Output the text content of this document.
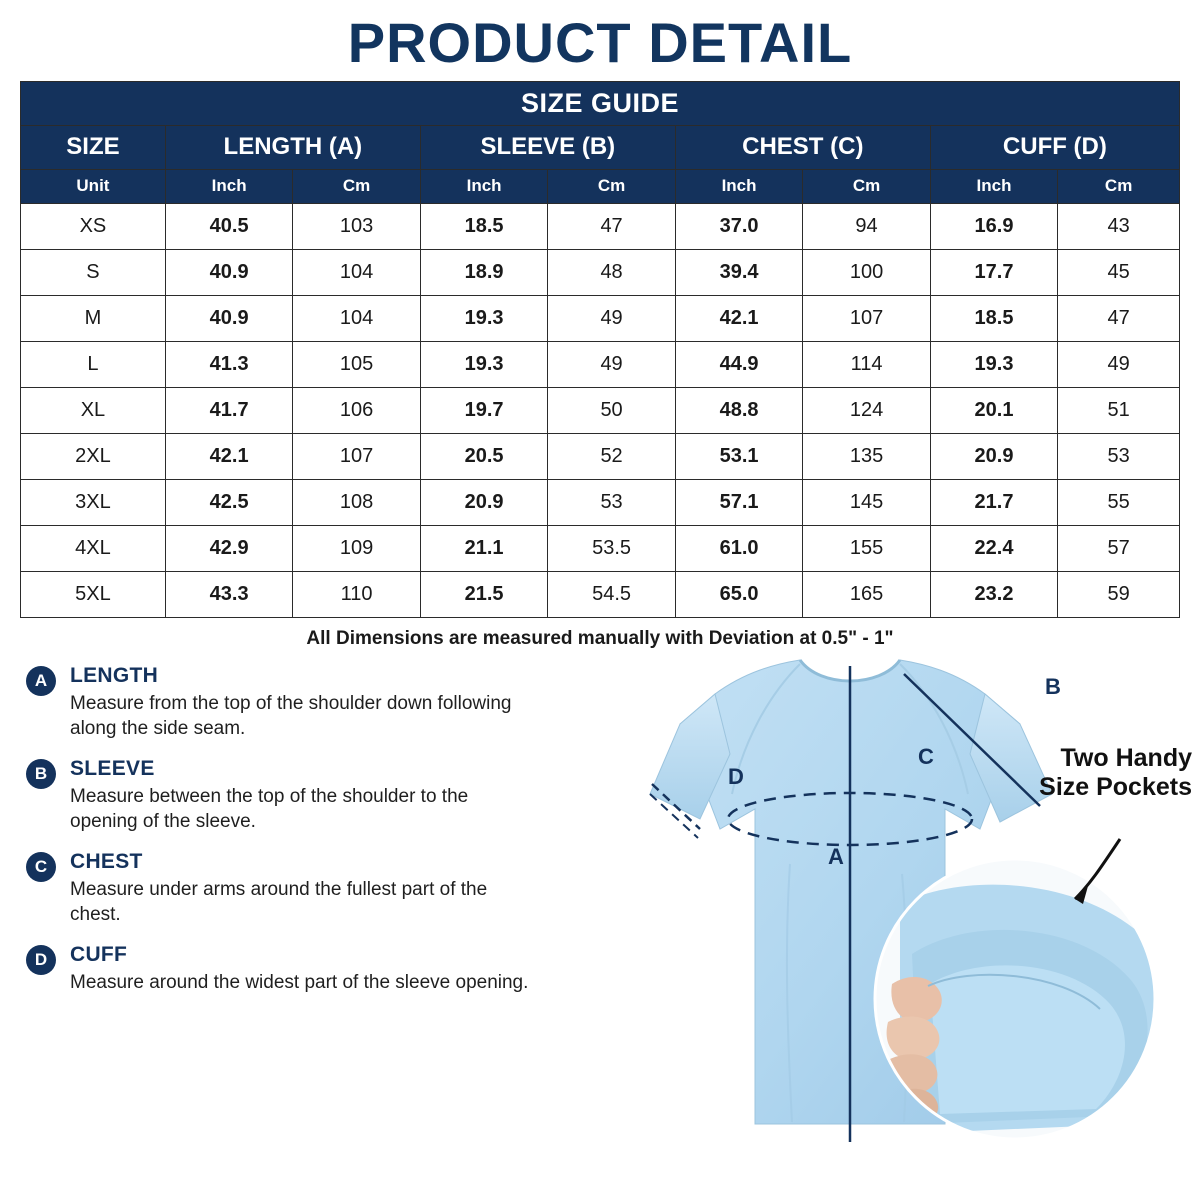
PRODUCT DETAIL
SIZE GUIDE								
SIZE	LENGTH (A)		SLEEVE (B)		CHEST (C)		CUFF (D)	
Unit	Inch	Cm	Inch	Cm	Inch	Cm	Inch	Cm
XS	40.5	103	18.5	47	37.0	94	16.9	43
S	40.9	104	18.9	48	39.4	100	17.7	45
M	40.9	104	19.3	49	42.1	107	18.5	47
L	41.3	105	19.3	49	44.9	114	19.3	49
XL	41.7	106	19.7	50	48.8	124	20.1	51
2XL	42.1	107	20.5	52	53.1	135	20.9	53
3XL	42.5	108	20.9	53	57.1	145	21.7	55
4XL	42.9	109	21.1	53.5	61.0	155	22.4	57
5XL	43.3	110	21.5	54.5	65.0	165	23.2	59
All Dimensions are measured manually with Deviation at 0.5" - 1"
A	LENGTH
Measure from the top of the shoulder down following along the side seam.
B	SLEEVE
Measure between the top of the shoulder to the opening of the sleeve.
C	CHEST
Measure under arms around the fullest part of the chest.
D	CUFF
Measure around the widest part of the sleeve opening.
A
B
C
D
Two Handy
Size Pockets
